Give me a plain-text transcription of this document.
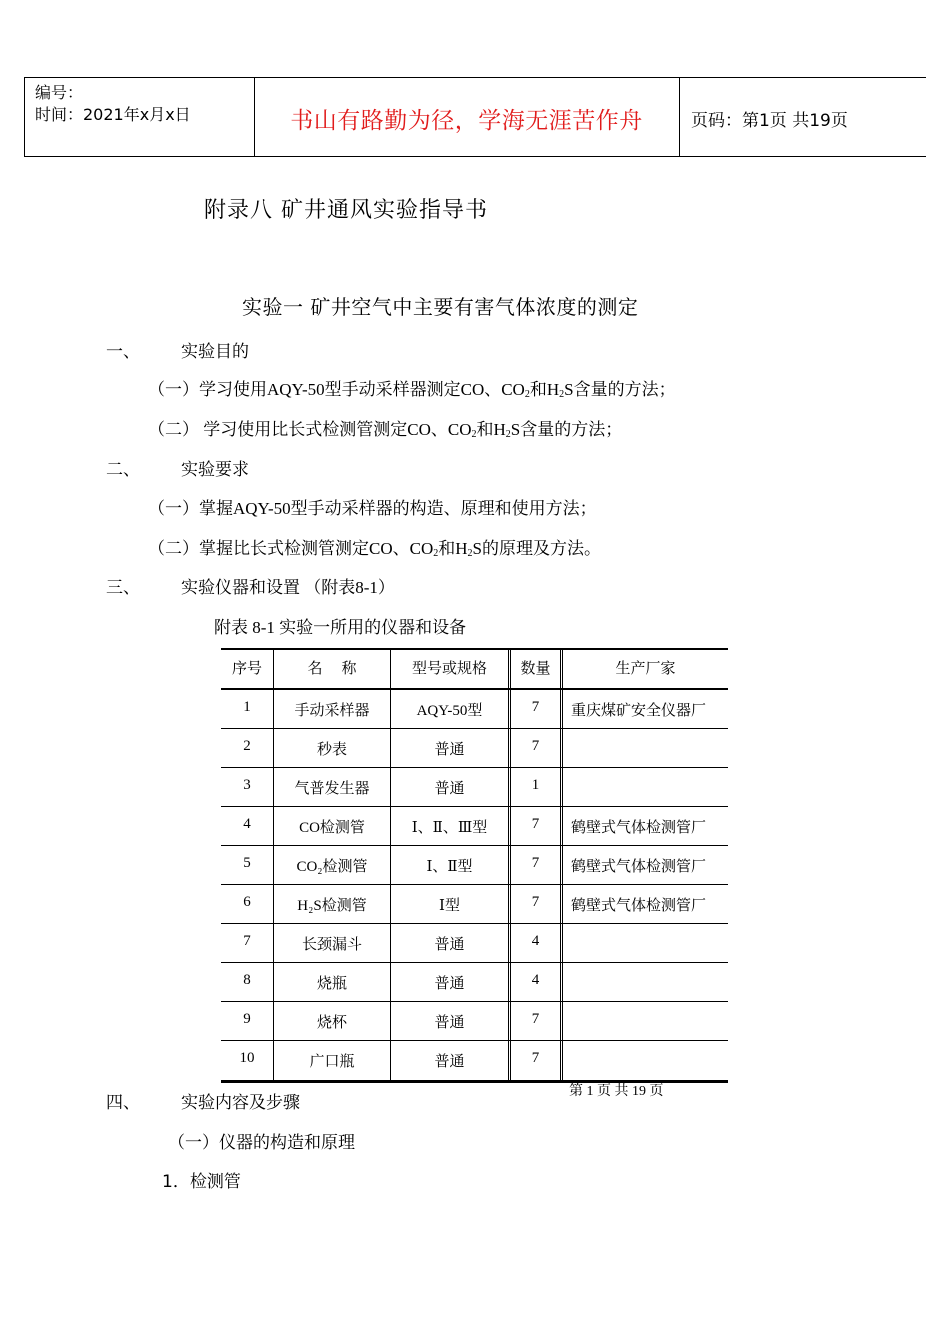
编号：
时间：2021年x月x日	书山有路勤为径，学海无涯苦作舟	页码：第1页 共19页
附录八 矿井通风实验指导书
实验一 矿井空气中主要有害气体浓度的测定
一、 实验目的
（一）学习使用AQY-50型手动采样器测定CO、$CO_2$和$H_2S$含量的方法；
（二） 学习使用比长式检测管测定CO、$CO_2$和$H_2S$含量的方法；
二、 实验要求
（一）掌握AQY-50型手动采样器的构造、原理和使用方法；
（二）掌握比长式检测管测定CO、$CO_2$和$H_2S$的原理及方法。
三、 实验仪器和设置 （附表8-1）
附表 8-1 实验一所用的仪器和设备
序号	名    称	型号或规格	数量	生产厂家
1	手动采样器	AQY-50型	7	重庆煤矿安全仪器厂
2	秒表	普通	7
3	气普发生器	普通	1
4	CO检测管	Ⅰ、Ⅱ、Ⅲ型	7	鹤壁式气体检测管厂
5	CO₂检测管	Ⅰ、Ⅱ型	7	鹤壁式气体检测管厂
6	H₂S检测管	Ⅰ型	7	鹤壁式气体检测管厂
7	长颈漏斗	普通	4
8	烧瓶	普通	4
9	烧杯	普通	7
10	广口瓶	普通	7
四、 实验内容及步骤
（一）仪器的构造和原理
1．检测管
第 1 页 共 19 页
